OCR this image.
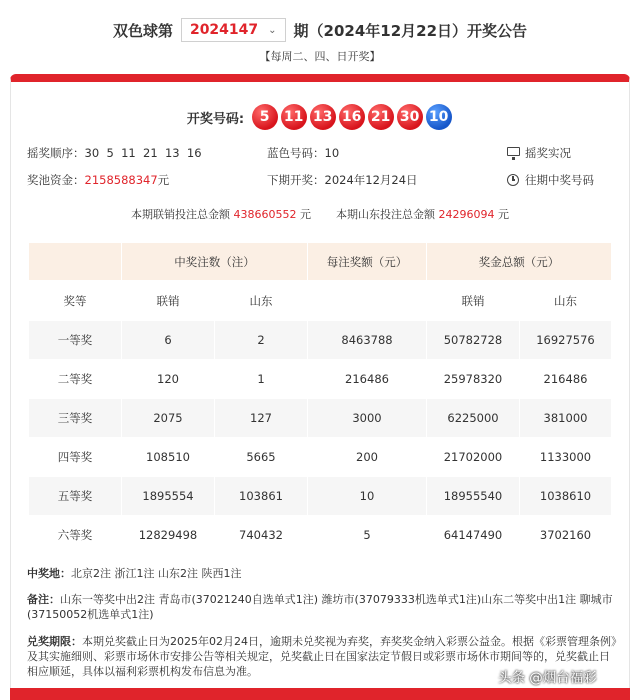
双色球第 2024147 ⌄ 期（2024年12月22日）开奖公告
【每周二、四、日开奖】
开奖号码:	5	11 13 16 21 30 10
摇奖顺序：30  5  11  21  13  16	蓝色号码：10	摇奖实况
奖池资金：2158588347元	下期开奖：2024年12月24日	往期中奖号码
本期联销投注总金额 438660552 元 本期山东投注总金额 24296094 元
	中奖注数（注）		每注奖额（元）	奖金总额（元）	
奖等	联销	山东		联销	山东
一等奖	6	2	8463788	50782728	16927576
二等奖	120	1	216486	25978320	216486
三等奖	2075	127	3000	6225000	381000
四等奖	108510	5665	200	21702000	1133000
五等奖	1895554	103861	10	18955540	1038610
六等奖	12829498	740432	5	64147490	3702160
中奖地：北京2注 浙江1注 山东2注 陕西1注
备注：山东一等奖中出2注 青岛市(37021240自选单式1注) 潍坊市(37079333机选单式1注)山东二等奖中出1注 聊城市(37150052机选单式1注)
兑奖期限：本期兑奖截止日为2025年02月24日，逾期未兑奖视为弃奖，弃奖奖金纳入彩票公益金。根据《彩票管理条例》及其实施细则、彩票市场休市安排公告等相关规定，兑奖截止日在国家法定节假日或彩票市场休市期间等的，兑奖截止日相应顺延，具体以福利彩票机构发布信息为准。	头条 @烟台福彩
